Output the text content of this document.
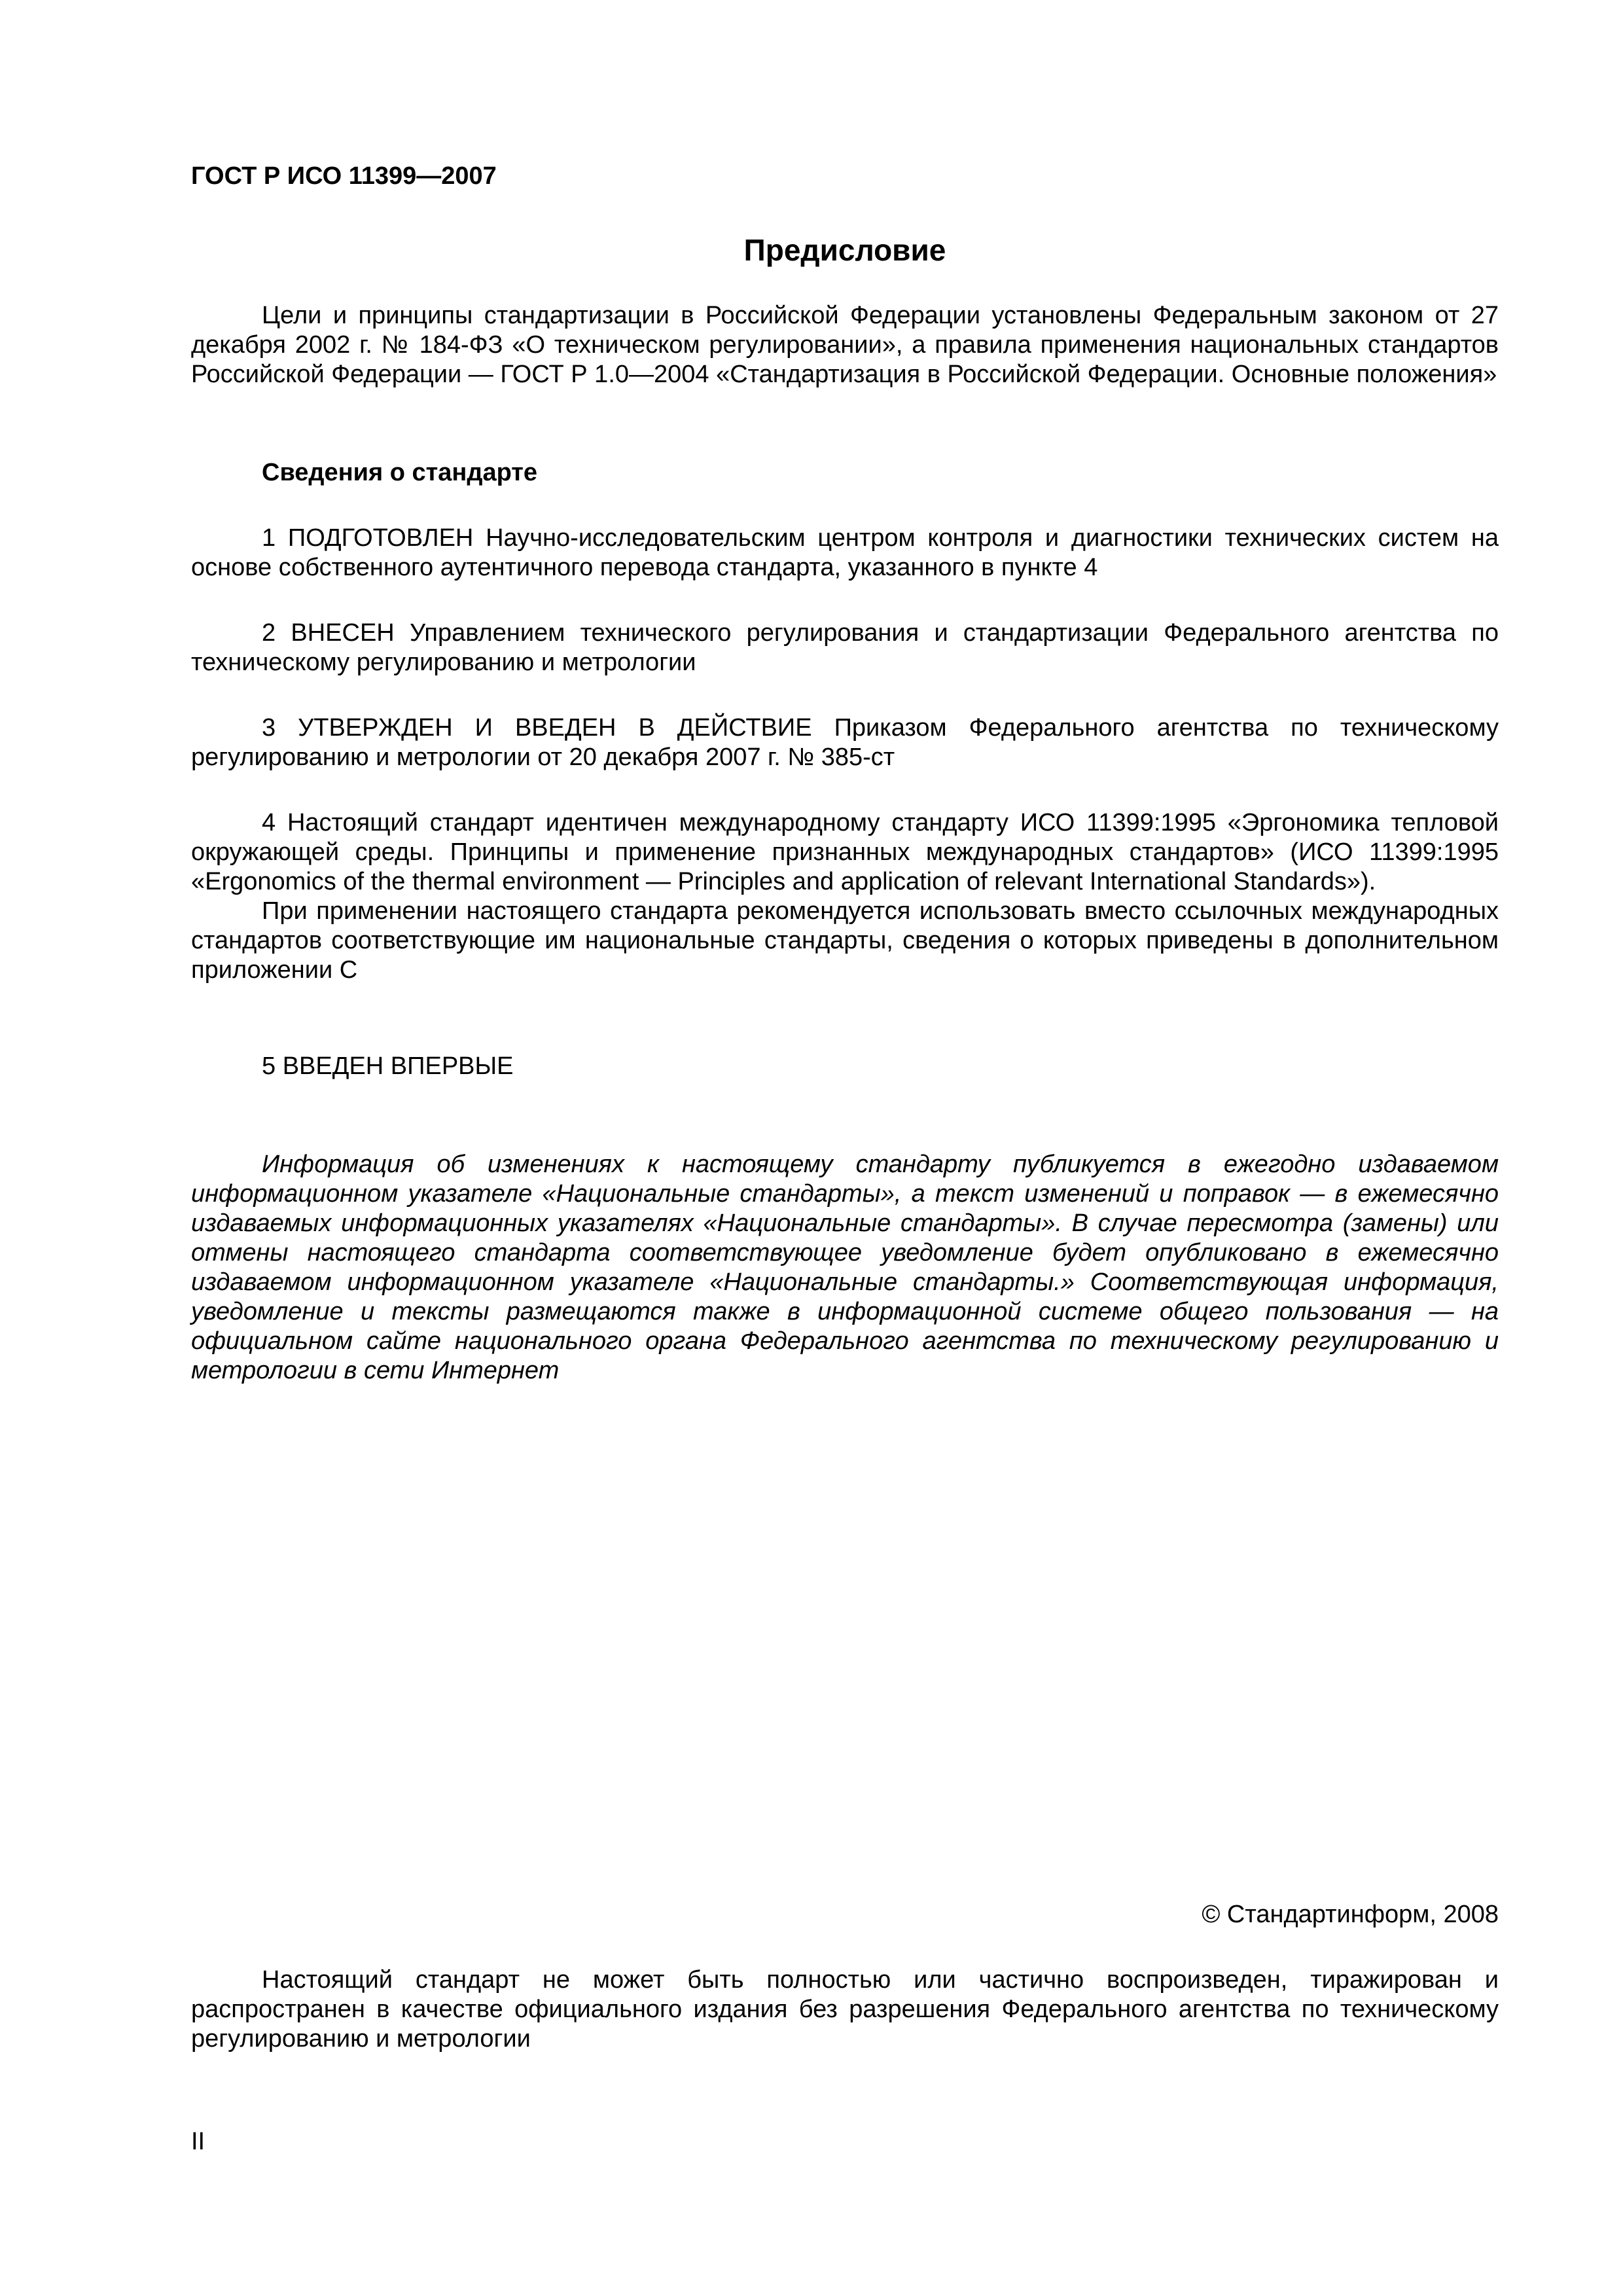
ГОСТ Р ИСО 11399—2007
Предисловие

Цели и принципы стандартизации в Российской Федерации установлены Федеральным законом от 27 декабря 2002 г. № 184-ФЗ «О техническом регулировании», а правила применения национальных стандартов Российской Федерации — ГОСТ Р 1.0—2004 «Стандартизация в Российской Федерации. Основные положения»

Сведения о стандарте

1 ПОДГОТОВЛЕН Научно-исследовательским центром контроля и диагностики технических систем на основе собственного аутентичного перевода стандарта, указанного в пункте 4

2 ВНЕСЕН Управлением технического регулирования и стандартизации Федерального агентства по техническому регулированию и метрологии

3 УТВЕРЖДЕН И ВВЕДЕН В ДЕЙСТВИЕ Приказом Федерального агентства по техническому регулированию и метрологии от 20 декабря 2007 г. № 385-ст

4 Настоящий стандарт идентичен международному стандарту ИСО 11399:1995 «Эргономика тепловой окружающей среды. Принципы и применение признанных международных стандартов» (ИСО 11399:1995 «Ergonomics of the thermal environment — Principles and application of relevant International Standards»).

При применении настоящего стандарта рекомендуется использовать вместо ссылочных международных стандартов соответствующие им национальные стандарты, сведения о которых приведены в дополнительном приложении С

5 ВВЕДЕН ВПЕРВЫЕ

Информация об изменениях к настоящему стандарту публикуется в ежегодно издаваемом информационном указателе «Национальные стандарты», а текст изменений и поправок — в ежемесячно издаваемых информационных указателях «Национальные стандарты». В случае пересмотра (замены) или отмены настоящего стандарта соответствующее уведомление будет опубликовано в ежемесячно издаваемом информационном указателе «Национальные стандарты.» Соответствующая информация, уведомление и тексты размещаются также в информационной системе общего пользования — на официальном сайте национального органа Федерального агентства по техническому регулированию и метрологии в сети Интернет

© Стандартинформ, 2008

Настоящий стандарт не может быть полностью или частично воспроизведен, тиражирован и распространен в качестве официального издания без разрешения Федерального агентства по техническому регулированию и метрологии

II
